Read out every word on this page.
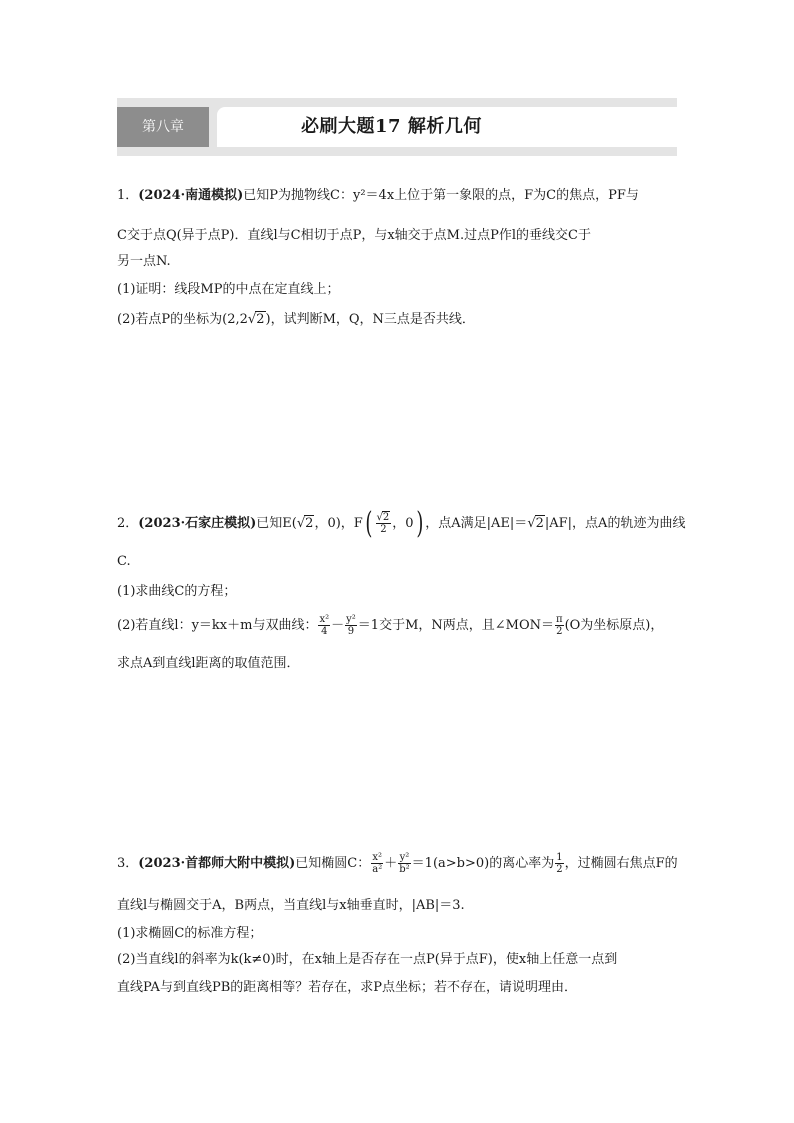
第八章	必刷大题17 解析几何
1．(2024·南通模拟)已知P为抛物线C：y²＝4x上位于第一象限的点，F为C的焦点，PF与
C交于点Q(异于点P)．直线l与C相切于点P，与x轴交于点M.过点P作l的垂线交C于
另一点N.
(1)证明：线段MP的中点在定直线上；
(2)若点P的坐标为(2,2√2)，试判断M，Q，N三点是否共线．
2．(2023·石家庄模拟)已知E(√2，0)，$F( \frac{√2}{2}$ ，0) ，点A满足|AE|＝√2|AF|，点A的轨迹为曲线
C.
(1)求曲线C的方程；
(2)若直线l：y＝kx＋m与双曲线： $\frac{\text{x²}}{4} - \frac{\text{y²}}{9} =1$交于M，N两点，且∠MON＝ $\frac{\pi}{2} (O$为坐标原点)，
求点A到直线l距离的取值范围．
3．(2023·首都师大附中模拟)已知椭圆C： $\frac{\text{x²}}{\text{a²}} + \frac{\text{y²}}{\text{b²}} =1(a>b>0)$的离心率为 $\frac{1}{2}$ ，过椭圆右焦点F的
直线l与椭圆交于A，B两点，当直线l与x轴垂直时，|AB|＝3.
(1)求椭圆C的标准方程；
(2)当直线l的斜率为k(k≠0)时，在x轴上是否存在一点P(异于点F)，使x轴上任意一点到
直线PA与到直线PB的距离相等？若存在，求P点坐标；若不存在，请说明理由．
